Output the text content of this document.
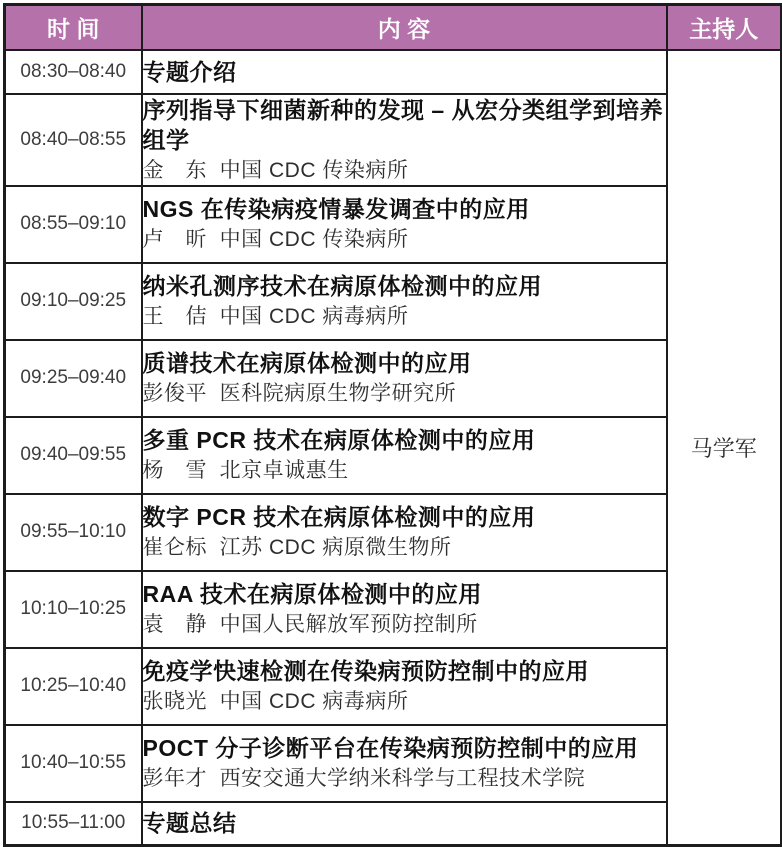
时 间	内 容	主持人
08:30–08:40	专题介绍	马学军
08:40–08:55	序列指导下细菌新种的发现 – 从宏分类组学到培养组学
金　东  中国 CDC 传染病所	

08:55–09:10	NGS 在传染病疫情暴发调查中的应用
卢　昕  中国 CDC 传染病所	

09:10–09:25	纳米孔测序技术在病原体检测中的应用
王　佶  中国 CDC 病毒病所	

09:25–09:40	质谱技术在病原体检测中的应用
彭俊平  医科院病原生物学研究所	

09:40–09:55	多重 PCR 技术在病原体检测中的应用
杨　雪  北京卓诚惠生	

09:55–10:10	数字 PCR 技术在病原体检测中的应用
崔仑标  江苏 CDC 病原微生物所	

10:10–10:25	RAA 技术在病原体检测中的应用
袁　静  中国人民解放军预防控制所	

10:25–10:40	免疫学快速检测在传染病预防控制中的应用
张晓光  中国 CDC 病毒病所	

10:40–10:55	POCT 分子诊断平台在传染病预防控制中的应用
彭年才  西安交通大学纳米科学与工程技术学院	

10:55–11:00	专题总结	
